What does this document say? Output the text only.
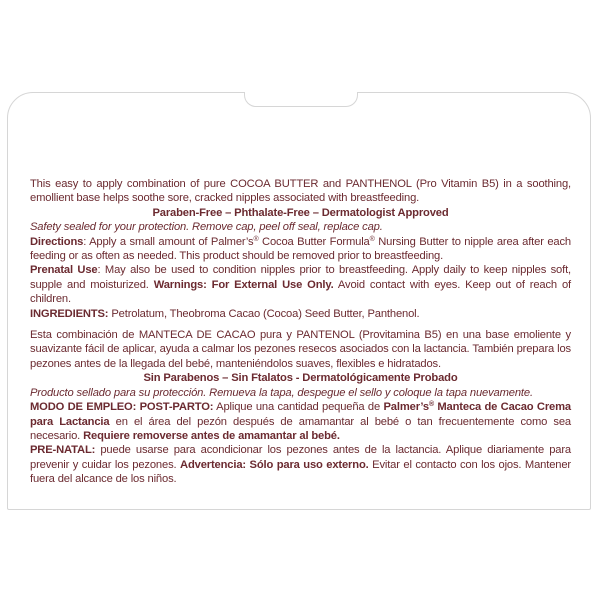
This easy to apply combination of pure COCOA BUTTER and PANTHENOL (Pro Vitamin B5) in a soothing, emollient base helps soothe sore, cracked nipples associated with breastfeeding.

Paraben-Free – Phthalate-Free – Dermatologist Approved

Safety sealed for your protection. Remove cap, peel off seal, replace cap.

Directions: Apply a small amount of Palmer’s® Cocoa Butter Formula® Nursing Butter to nipple area after each feeding or as often as needed. This product should be removed prior to breastfeeding.

Prenatal Use: May also be used to condition nipples prior to breastfeeding. Apply daily to keep nipples soft, supple and moisturized. Warnings: For External Use Only. Avoid contact with eyes. Keep out of reach of children.

INGREDIENTS: Petrolatum, Theobroma Cacao (Cocoa) Seed Butter, Panthenol.

Esta combinación de MANTECA DE CACAO pura y PANTENOL (Provitamina B5) en una base emoliente y suavizante fácil de aplicar, ayuda a calmar los pezones resecos asociados con la lactancia. También prepara los pezones antes de la llegada del bebé, manteniéndolos suaves, flexibles e hidratados.

Sin Parabenos – Sin Ftalatos - Dermatológicamente Probado

Producto sellado para su protección. Remueva la tapa, despegue el sello y coloque la tapa nuevamente.

MODO DE EMPLEO: POST-PARTO: Aplique una cantidad pequeña de Palmer’s® Manteca de Cacao Crema para Lactancia en el área del pezón después de amamantar al bebé o tan frecuentemente como sea necesario. Requiere removerse antes de amamantar al bebé.

PRE-NATAL: puede usarse para acondicionar los pezones antes de la lactancia. Aplique diariamente para prevenir y cuidar los pezones. Advertencia: Sólo para uso externo. Evitar el contacto con los ojos. Mantener fuera del alcance de los niños.
